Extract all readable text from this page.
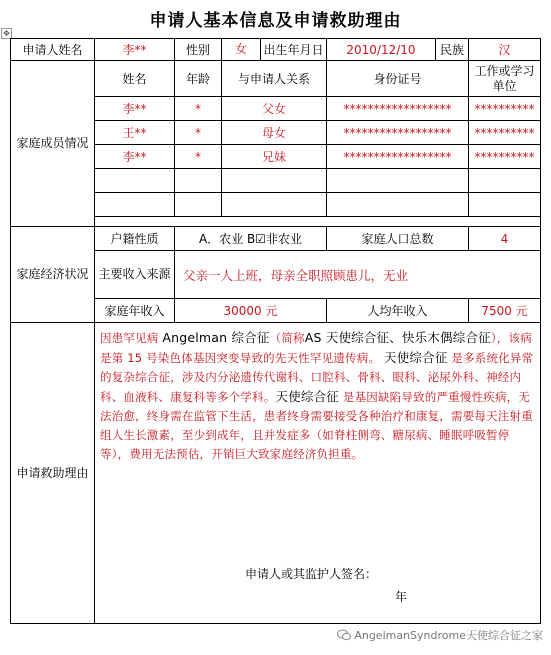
申请人基本信息及申请救助理由
✥
申请人姓名	李**	性别	女 出生年月日	2010/12/10	民族	汉
家庭成员情况	姓名	年龄	与申请人关系	身份证号		工作或学习单位
	李**	*	父女	******************		**********
	王**	*	母女	******************		**********
	李**	*	兄妹	******************		**********

家庭经济状况	户籍性质	A．农业 B☑非农业		家庭人口总数		4
	主要收入来源	父亲一人上班，母亲全职照顾患儿，无业				
	家庭年收入	30000 元		人均年收入		7500 元
申请救助理由	因患罕见病 Angelman 综合征（简称AS 天使综合征、快乐木偶综合征），该病是第 15 号染色体基因突变导致的先天性罕见遗传病。 天使综合征 是多系统化异常的复杂综合征，涉及内分泌遗传代谢科、口腔科、骨科、眼科、泌尿外科、神经内科、血液科、康复科等多个学科。天使综合征 是基因缺陷导致的严重慢性疾病，无法治愈，终身需在监管下生活，患者终身需要接受各种治疗和康复，需要每天注射重组人生长激素，至少到成年，且并发症多（如脊柱侧弯、糖尿病、睡眠呼吸暂停等），费用无法预估，开销巨大致家庭经济负担重。
申请人或其监护人签名：
年					
AngelmanSyndrome天使综合征之家
